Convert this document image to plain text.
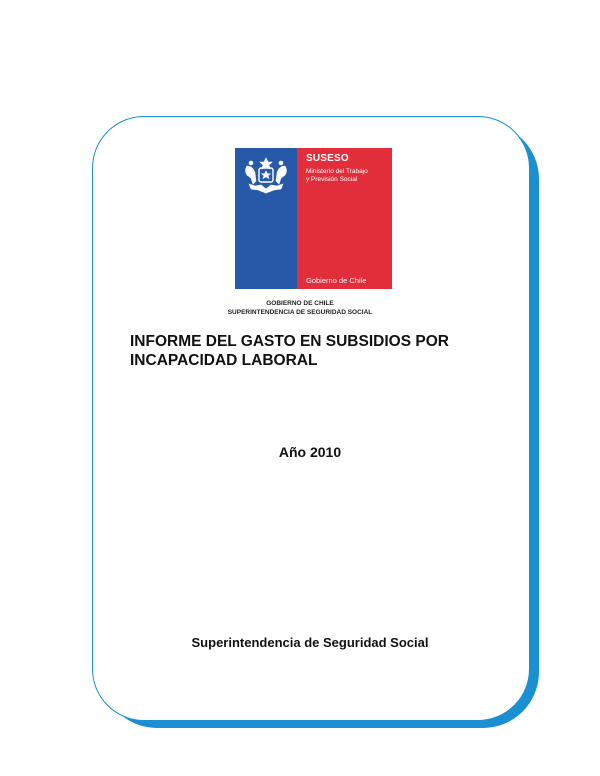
SUSESO
Ministerio del Trabajo
y Previsión Social
Gobierno de Chile
GOBIERNO DE CHILE
SUPERINTENDENCIA DE SEGURIDAD SOCIAL
INFORME DEL GASTO EN SUBSIDIOS POR
INCAPACIDAD LABORAL
Año 2010
Superintendencia de Seguridad Social
